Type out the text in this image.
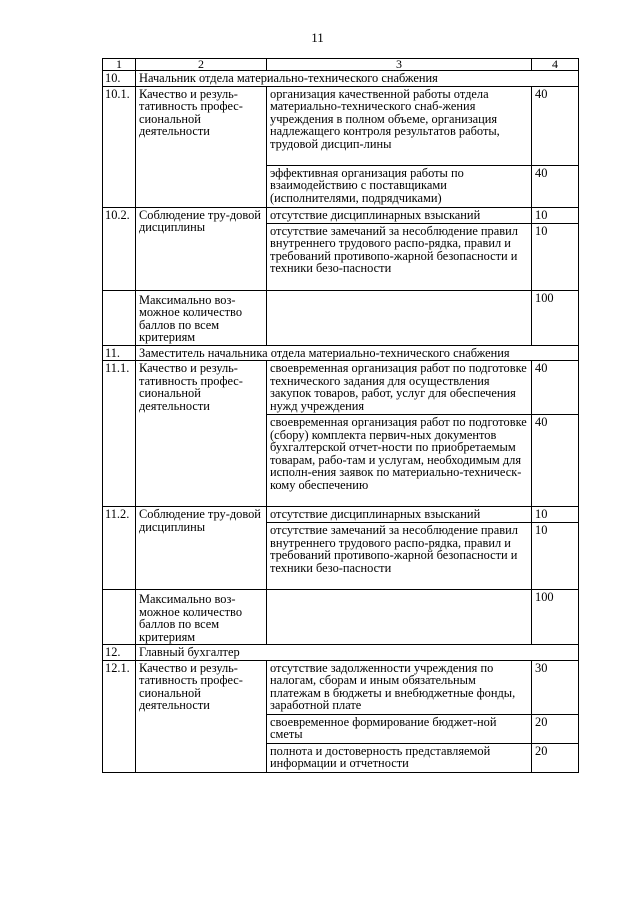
11
1	2	3	4
10.	Начальник отдела материально-технического снабжения		
10.1.	Качество и резуль-тативность профес-сиональной деятельности	организация качественной работы отдела материально-технического снаб-жения учреждения в полном объеме, организация надлежащего контроля результатов работы, трудовой дисцип-лины	40
		эффективная организация работы по взаимодействию с поставщиками (исполнителями, подрядчиками)	40
10.2.	Соблюдение тру-довой дисциплины	отсутствие дисциплинарных взысканий	10
		отсутствие замечаний за несоблюдение правил внутреннего трудового распо-рядка, правил и требований противопо-жарной безопасности и техники безо-пасности	10
	Максимально воз-можное количество баллов по всем критериям		100
11.	Заместитель начальника отдела материально-технического снабжения		
11.1.	Качество и резуль-тативность профес-сиональной деятельности	своевременная организация работ по подготовке технического задания для осуществления закупок товаров, работ, услуг для обеспечения нужд учреждения	40
		своевременная организация работ по подготовке (сбору) комплекта первич-ных документов бухгалтерской отчет-ности по приобретаемым товарам, рабо-там и услугам, необходимым для исполн-ения заявок по материально-техническ-кому обеспечению	40
11.2.	Соблюдение тру-довой дисциплины	отсутствие дисциплинарных взысканий	10
		отсутствие замечаний за несоблюдение правил внутреннего трудового распо-рядка, правил и требований противопо-жарной безопасности и техники безо-пасности	10
	Максимально воз-можное количество баллов по всем критериям		100
12.	Главный бухгалтер		
12.1.	Качество и резуль-тативность профес-сиональной деятельности	отсутствие задолженности учреждения по налогам, сборам и иным обязательным платежам в бюджеты и внебюджетные фонды, заработной плате	30
		своевременное формирование бюджет-ной сметы	20
		полнота и достоверность представляемой информации и отчетности	20
